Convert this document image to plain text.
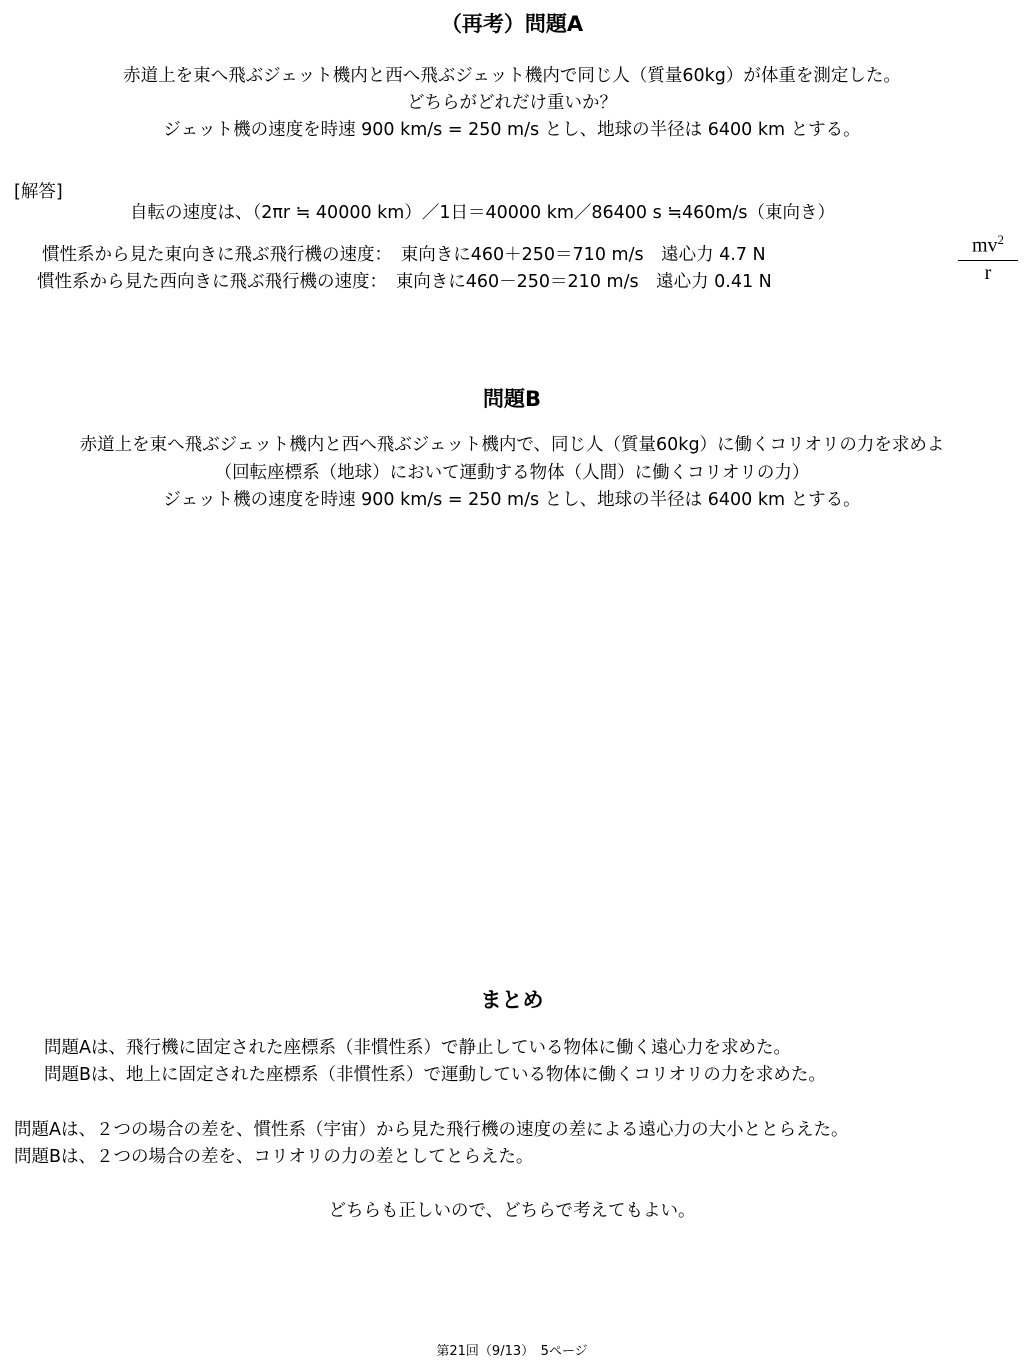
（再考）問題A
赤道上を東へ飛ぶジェット機内と西へ飛ぶジェット機内で同じ人（質量60kg）が体重を測定した。
どちらがどれだけ重いか？
ジェット機の速度を時速 900 km/s = 250 m/s とし、地球の半径は 6400 km とする。
[解答]
自転の速度は、（2πr ≒ 40000 km）／1日＝40000 km／86400 s ≒460m/s（東向き）
慣性系から見た東向きに飛ぶ飛行機の速度：　東向きに460＋250＝710 m/s　遠心力 4.7 N
慣性系から見た西向きに飛ぶ飛行機の速度：　東向きに460－250＝210 m/s　遠心力 0.41 N	$\frac{mv^2}{r}$
問題B
赤道上を東へ飛ぶジェット機内と西へ飛ぶジェット機内で、同じ人（質量60kg）に働くコリオリの力を求めよ
（回転座標系（地球）において運動する物体（人間）に働くコリオリの力）
ジェット機の速度を時速 900 km/s = 250 m/s とし、地球の半径は 6400 km とする。
まとめ
問題Aは、飛行機に固定された座標系（非慣性系）で静止している物体に働く遠心力を求めた。
問題Bは、地上に固定された座標系（非慣性系）で運動している物体に働くコリオリの力を求めた。
問題Aは、２つの場合の差を、慣性系（宇宙）から見た飛行機の速度の差による遠心力の大小ととらえた。
問題Bは、２つの場合の差を、コリオリの力の差としてとらえた。
どちらも正しいので、どちらで考えてもよい。
第21回（9/13）　5ページ
